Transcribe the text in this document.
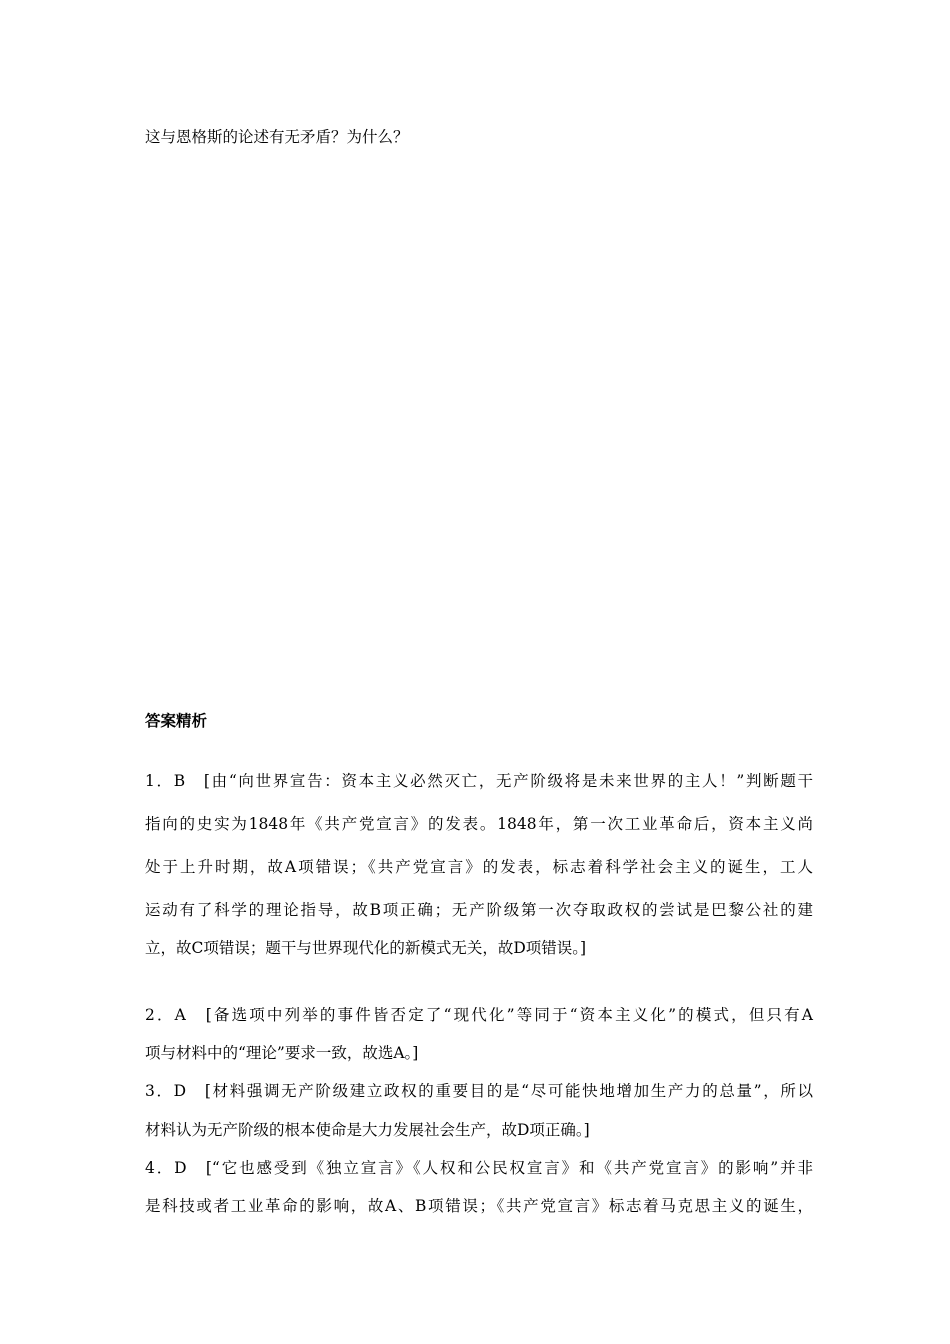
这与恩格斯的论述有无矛盾？为什么？
答案精析
1．B　[由“向世界宣告：资本主义必然灭亡，无产阶级将是未来世界的主人！”判断题干
指向的史实为1848年《共产党宣言》的发表。1848年，第一次工业革命后，资本主义尚
处于上升时期，故A项错误；《共产党宣言》的发表，标志着科学社会主义的诞生，工人
运动有了科学的理论指导，故B项正确；无产阶级第一次夺取政权的尝试是巴黎公社的建
立，故C项错误；题干与世界现代化的新模式无关，故D项错误。]
2．A　[备选项中列举的事件皆否定了“现代化”等同于“资本主义化”的模式，但只有A
项与材料中的“理论”要求一致，故选A。]
3．D　[材料强调无产阶级建立政权的重要目的是“尽可能快地增加生产力的总量”，所以
材料认为无产阶级的根本使命是大力发展社会生产，故D项正确。]
4．D　[“它也感受到《独立宣言》《人权和公民权宣言》和《共产党宣言》的影响”并非
是科技或者工业革命的影响，故A、B项错误；《共产党宣言》标志着马克思主义的诞生，
